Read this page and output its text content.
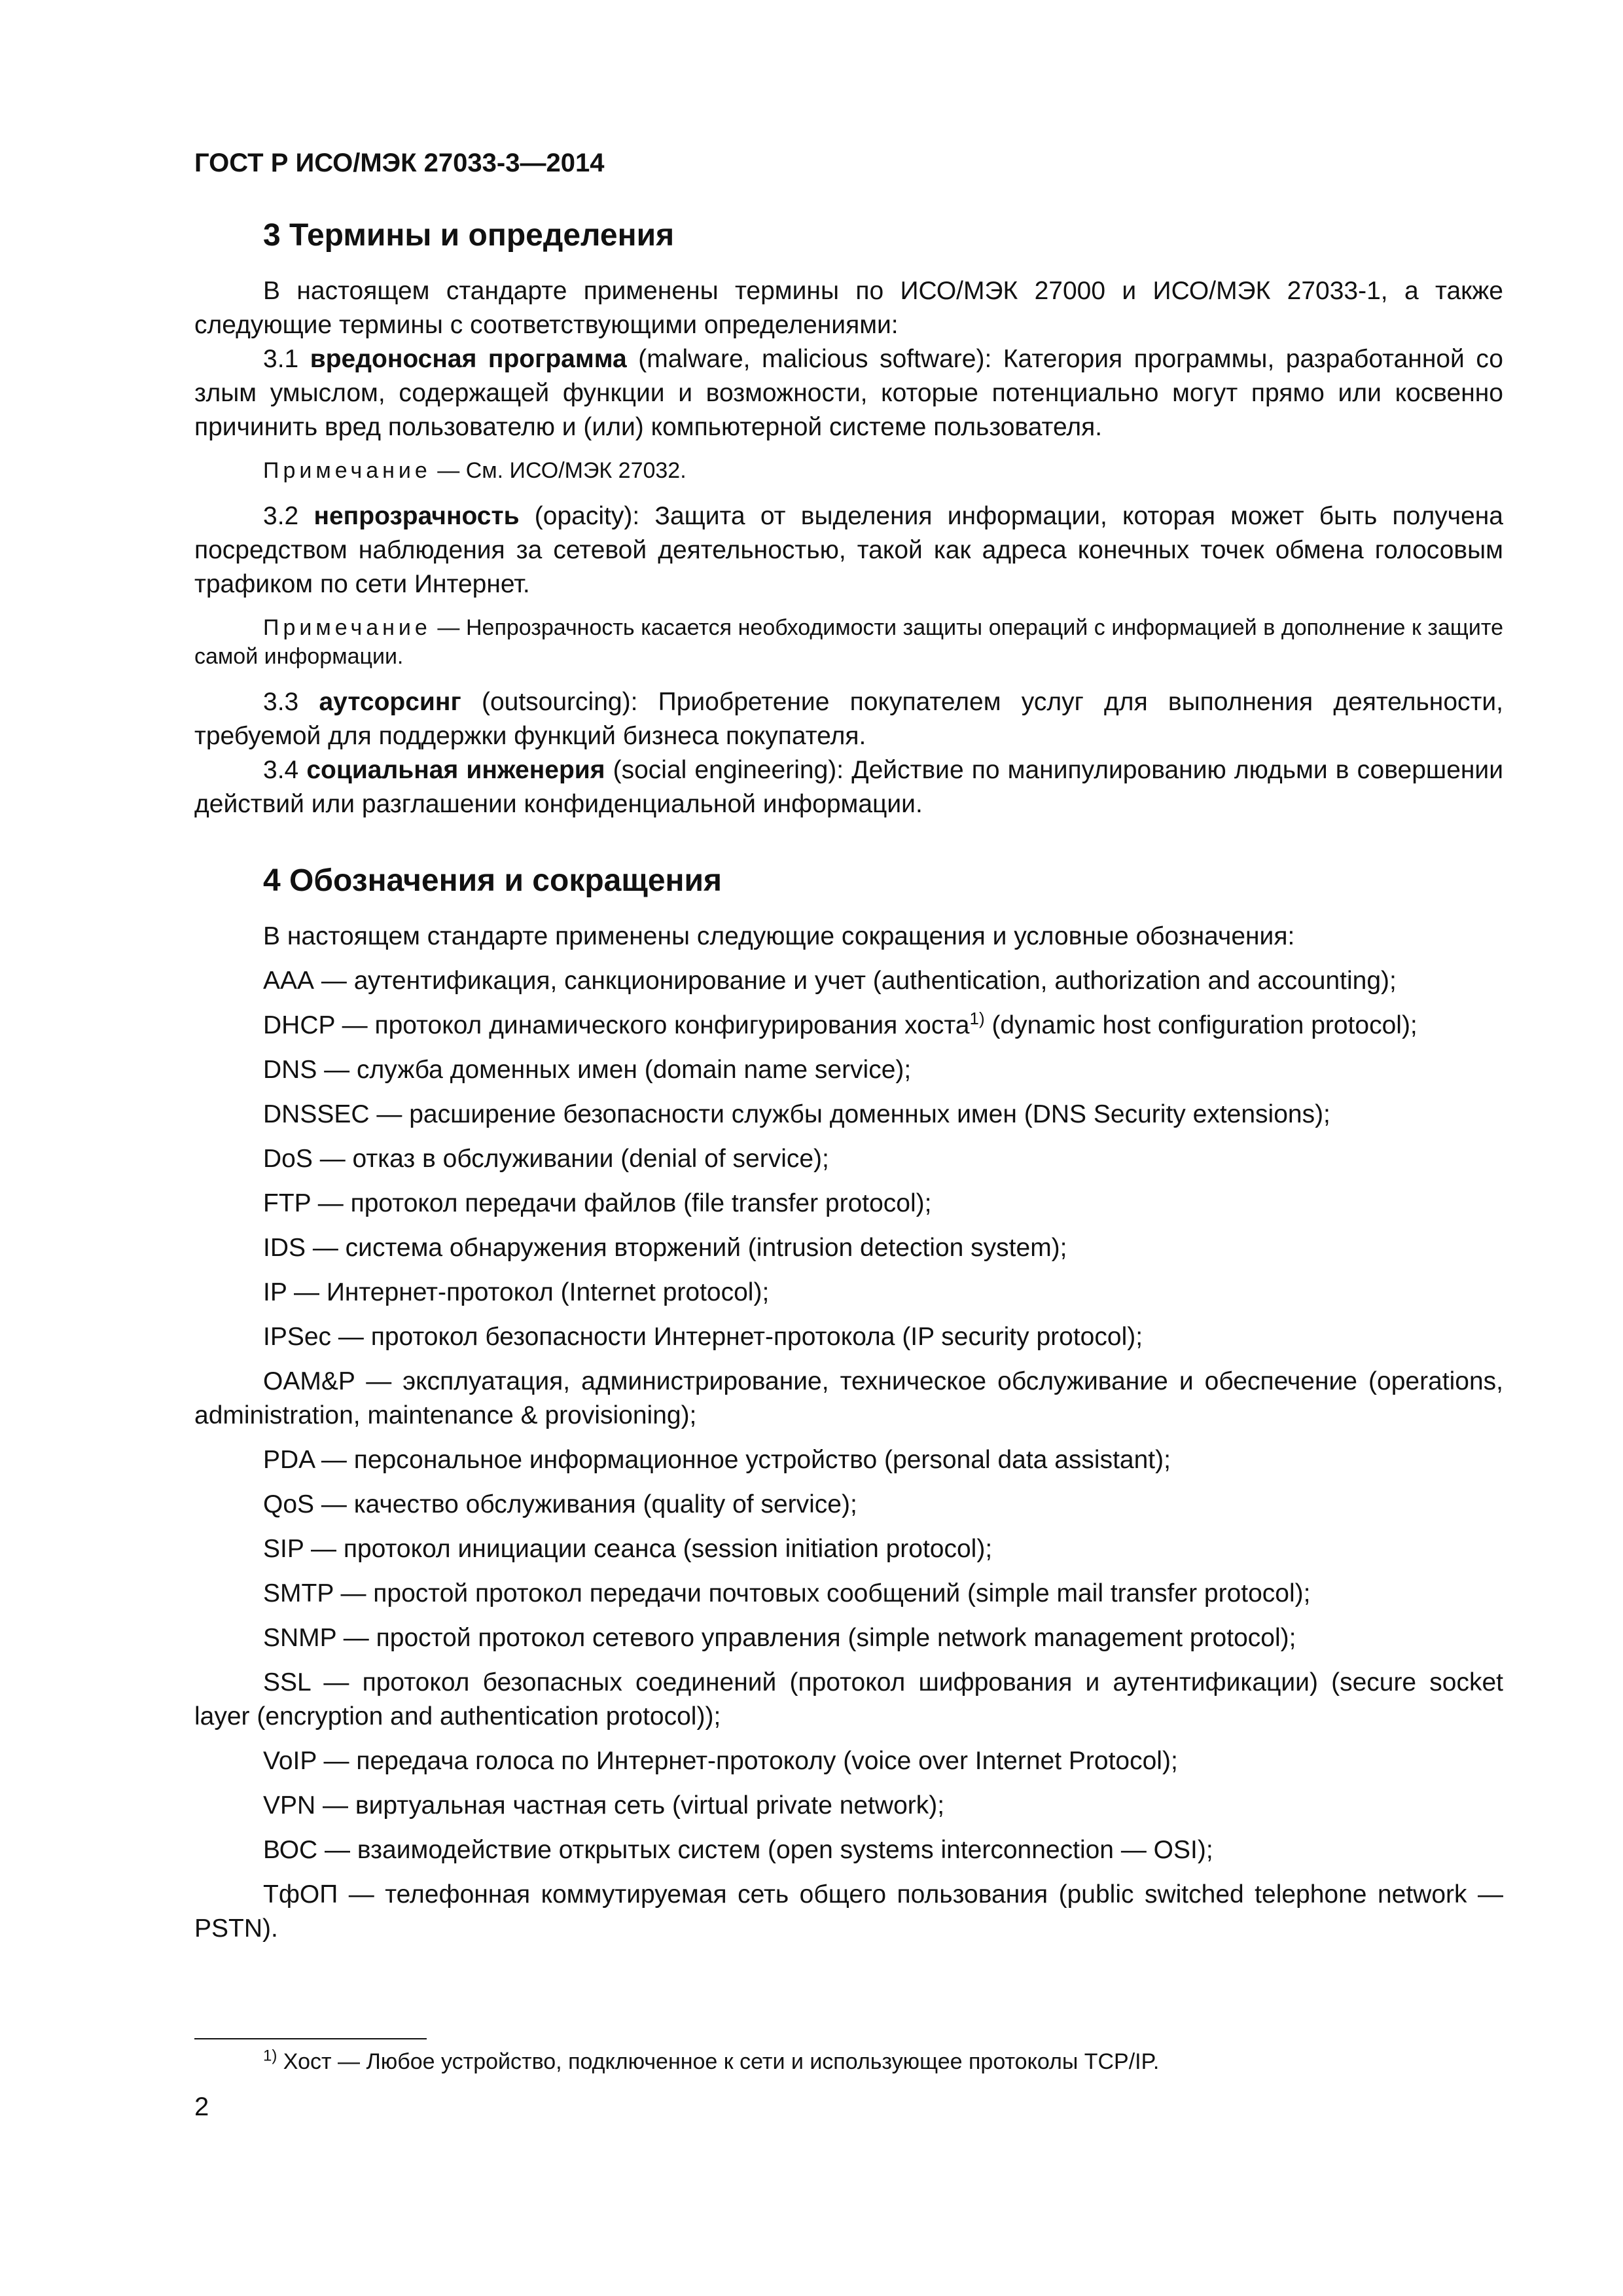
ГОСТ Р ИСО/МЭК 27033-3—2014
3 Термины и определения

В настоящем стандарте применены термины по ИСО/МЭК 27000 и ИСО/МЭК 27033-1, а также следующие термины с соответствующими определениями:

3.1 вредоносная программа (malware, malicious software): Категория программы, разработанной со злым умыслом, содержащей функции и возможности, которые потенциально могут прямо или косвенно причинить вред пользователю и (или) компьютерной системе пользователя.

Примечание — См. ИСО/МЭК 27032.

3.2 непрозрачность (opacity): Защита от выделения информации, которая может быть получена посредством наблюдения за сетевой деятельностью, такой как адреса конечных точек обмена голосовым трафиком по сети Интернет.

Примечание — Непрозрачность касается необходимости защиты операций с информацией в дополнение к защите самой информации.

3.3 аутсорсинг (outsourcing): Приобретение покупателем услуг для выполнения деятельности, требуемой для поддержки функций бизнеса покупателя.

3.4 социальная инженерия (social engineering): Действие по манипулированию людьми в совершении действий или разглашении конфиденциальной информации.

4 Обозначения и сокращения

В настоящем стандарте применены следующие сокращения и условные обозначения:

ААА — аутентификация, санкционирование и учет (authentication, authorization and accounting);

DHCP — протокол динамического конфигурирования хоста$^{1)}$ (dynamic host configuration protocol);

DNS — служба доменных имен (domain name service);

DNSSEC — расширение безопасности службы доменных имен (DNS Security extensions);

DoS — отказ в обслуживании (denial of service);

FTP — протокол передачи файлов (file transfer protocol);

IDS — система обнаружения вторжений (intrusion detection system);

IP — Интернет-протокол (Internet protocol);

IPSec — протокол безопасности Интернет-протокола (IP security protocol);

OAM&P — эксплуатация, администрирование, техническое обслуживание и обеспечение (operations, administration, maintenance & provisioning);

PDA — персональное информационное устройство (personal data assistant);

QoS — качество обслуживания (quality of service);

SIP — протокол инициации сеанса (session initiation protocol);

SMTP — простой протокол передачи почтовых сообщений (simple mail transfer protocol);

SNMP — простой протокол сетевого управления (simple network management protocol);

SSL — протокол безопасных соединений (протокол шифрования и аутентификации) (secure socket layer (encryption and authentication protocol));

VoIP — передача голоса по Интернет-протоколу (voice over Internet Protocol);

VPN — виртуальная частная сеть (virtual private network);

ВОС — взаимодействие открытых систем (open systems interconnection — OSI);

ТфОП — телефонная коммутируемая сеть общего пользования (public switched telephone network — PSTN).

$^{1)}$ Хост — Любое устройство, подключенное к сети и использующее протоколы TCP/IP.
2
